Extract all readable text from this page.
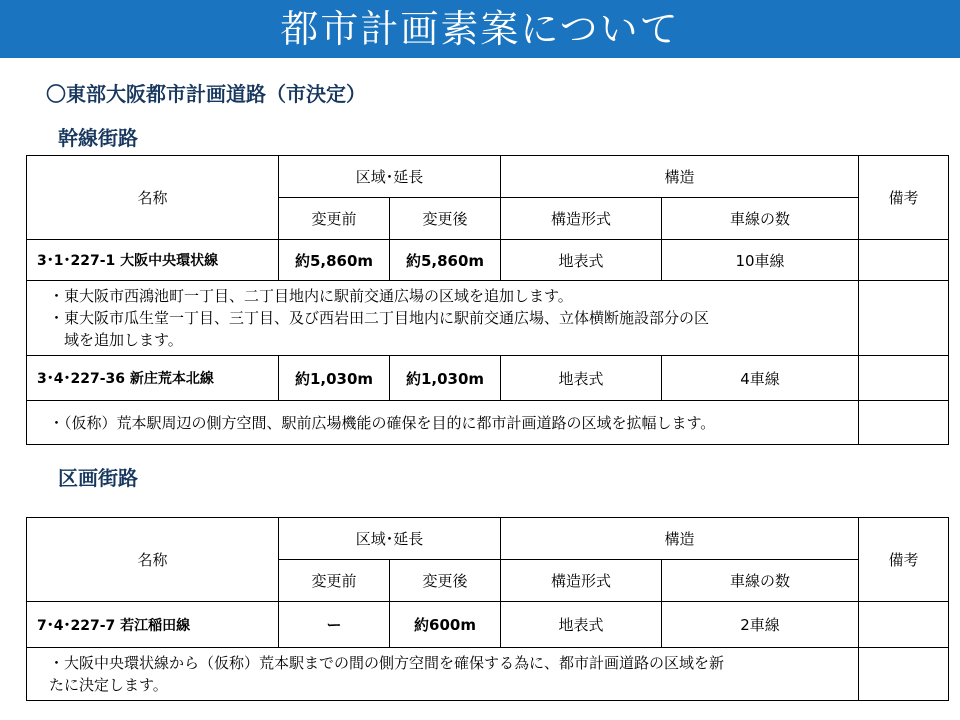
都市計画素案について
〇東部大阪都市計画道路（市決定）
幹線街路
名称	区域･延長		構造		備考
	変更前	変更後	構造形式	車線の数	
3･1･227-1 大阪中央環状線	約5,860m	約5,860m	地表式	10車線	

・東大阪市西鴻池町一丁目、二丁目地内に駅前交通広場の区域を追加します。

・東大阪市瓜生堂一丁目、三丁目、及び西岩田二丁目地内に駅前交通広場、立体横断施設部分の区

　域を追加します。					

3･4･227-36 新庄荒本北線	約1,030m	約1,030m	地表式	4車線	

・（仮称）荒本駅周辺の側方空間、駅前広場機能の確保を目的に都市計画道路の区域を拡幅します。					

区画街路
名称	区域･延長		構造		備考
	変更前	変更後	構造形式	車線の数	
7･4･227-7 若江稲田線	ー	約600m	地表式	2車線	

・大阪中央環状線から（仮称）荒本駅までの間の側方空間を確保する為に、都市計画道路の区域を新

たに決定します。					
